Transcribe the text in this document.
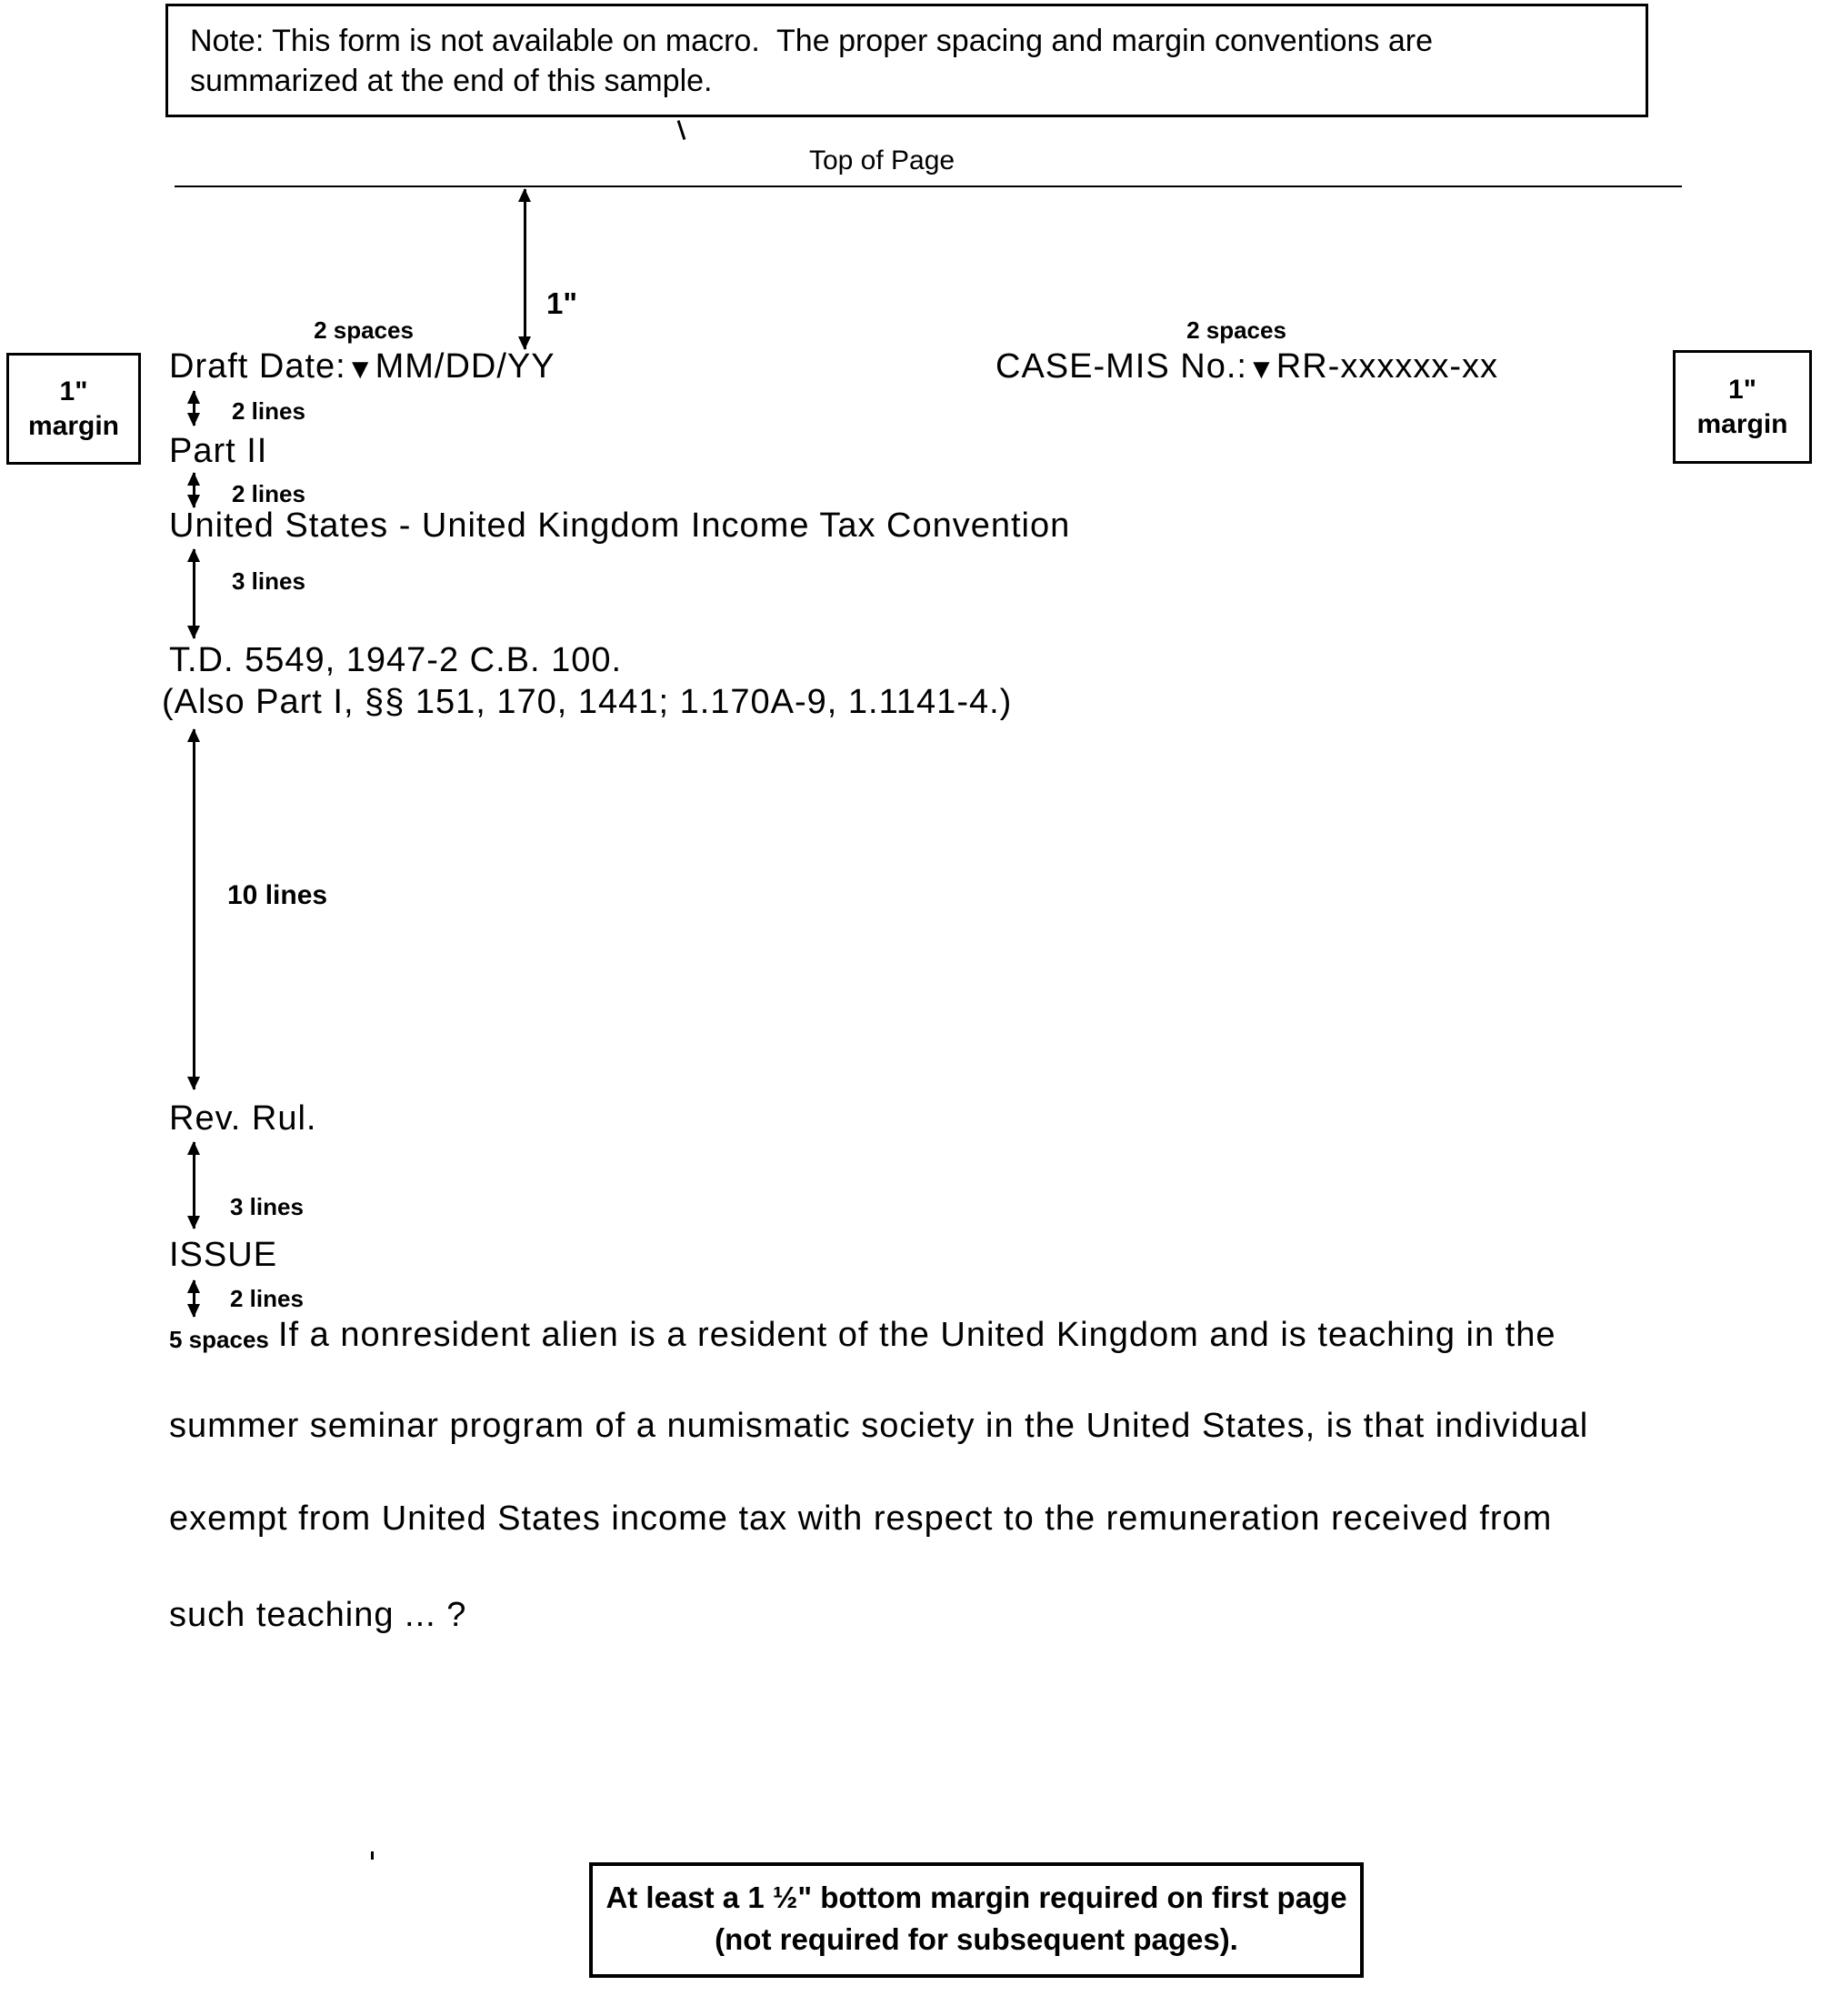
Note: This form is not available on macro.  The proper spacing and margin conventions are
summarized at the end of this sample.
Top of Page
1"
2 spaces	2 spaces
Draft Date:▼MM/DD/YY	CASE-MIS No.:▼RR-xxxxxx-xx
1"
margin
1"
margin
2 lines
Part II
2 lines
United States - United Kingdom Income Tax Convention
3 lines
T.D. 5549, 1947-2 C.B. 100.
(Also Part I, §§ 151, 170, 1441; 1.170A-9, 1.1141-4.)
10 lines
Rev. Rul.
3 lines
ISSUE
2 lines
5 spaces If a nonresident alien is a resident of the United Kingdom and is teaching in the
summer seminar program of a numismatic society in the United States, is that individual
exempt from United States income tax with respect to the remuneration received from
such teaching ... ?
At least a 1 ½" bottom margin required on first page
(not required for subsequent pages).
